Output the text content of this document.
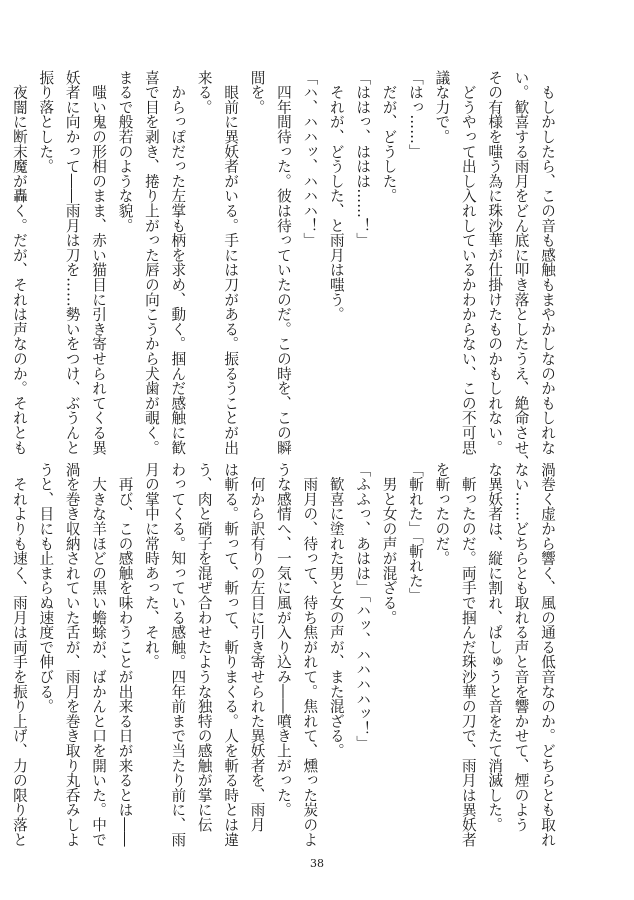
　もしかしたら、この音も感触もまやかしなのかもしれな
い。歓喜する雨月をどん底に叩き落としたうえ、絶命させ、
その有様を嗤う為に珠沙華が仕掛けたものかもしれない。
　どうやって出し入れしているかわからない、この不可思
議な力で。
「はっ……」
　だが、どうした。
「ははっ、ははは……！」
　それが、どうした、と雨月は嗤う。
「ハ、ハハッ、ハハハ！」
　四年間待った。彼は待っていたのだ。この時を、この瞬
間を。
　眼前に異妖者がいる。手には刀がある。振るうことが出
来る。
　からっぽだった左掌も柄を求め、動く。掴んだ感触に歓
喜で目を剥き、捲り上がった唇の向こうから犬歯が覗く。
まるで般若のような貌。
　嗤い鬼の形相のまま、赤い猫目に引き寄せられてくる異
妖者に向かって――雨月は刀を……勢いをつけ、ぶうんと
振り落とした。
　夜闇に断末魔が轟く。だが、それは声なのか。それとも
渦巻く虚から響く、風の通る低音なのか。どちらとも取れ
ない……どちらとも取れる声と音を響かせて、煙のよう
な異妖者は、縦に割れ、ぱしゅうと音をたて消滅した。
　斬ったのだ。両手で掴んだ珠沙華の刀で、雨月は異妖者
を斬ったのだ。
「斬れた」「斬れた」
　男と女の声が混ざる。
「ふふっ、あはは」「ハッ、ハハハハッ！」
　歓喜に塗れた男と女の声が、また混ざる。
　雨月の、待って、待ち焦がれて。焦れて、燻った炭のよ
うな感情へ、一気に風が入り込み――噴き上がった。
　何から訳有りの左目に引き寄せられた異妖者を、雨月
は斬る。斬って、斬って、斬りまくる。人を斬る時とは違
う、肉と硝子を混ぜ合わせたような独特の感触が掌に伝
わってくる。知っている感触。四年前まで当たり前に、雨
月の掌中に常時あった、それ。
　再び、この感触を味わうことが出来る日が来るとは――
　大きな羊ほどの黒い蟾蜍が、ばかんと口を開いた。中で
渦を巻き収納されていた舌が、雨月を巻き取り丸呑みしよ
うと、目にも止まらぬ速度で伸びる。
　それよりも速く、雨月は両手を振り上げ、力の限り落と
38
